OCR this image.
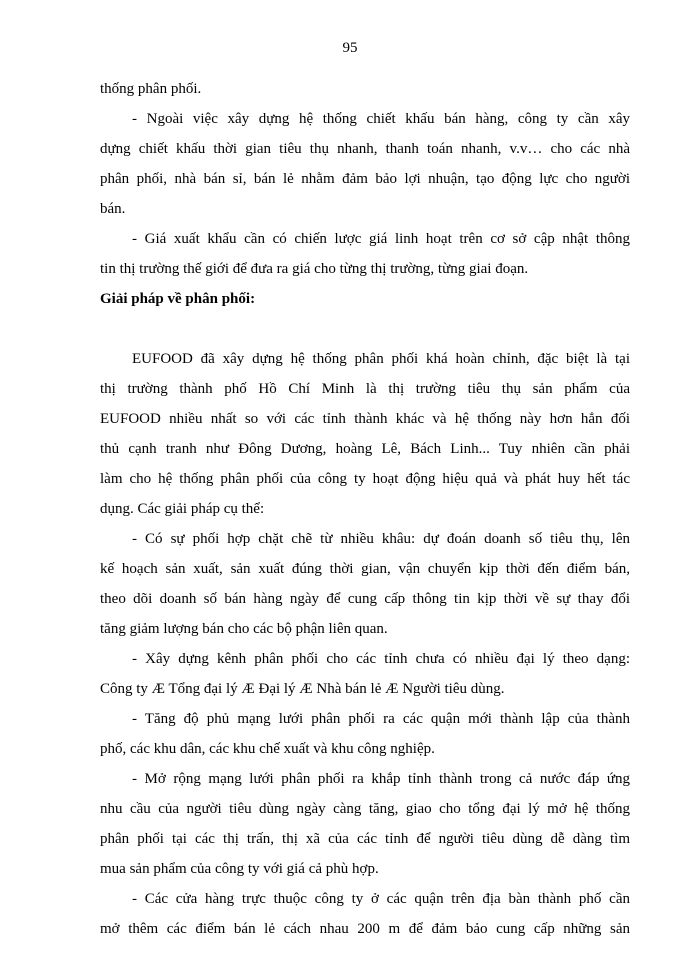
95
thống phân phối.
- Ngoài việc xây dựng hệ thống chiết khấu bán hàng, công ty cần xây
dựng chiết khấu thời gian tiêu thụ nhanh, thanh toán nhanh, v.v… cho các nhà
phân phối, nhà bán sỉ, bán lẻ nhằm đảm bảo lợi nhuận, tạo động lực cho người
bán.
- Giá xuất khẩu cần có chiến lược giá linh hoạt trên cơ sở cập nhật thông
tin thị trường thế giới để đưa ra giá cho từng thị trường, từng giai đoạn.
Giải pháp về phân phối:
EUFOOD đã xây dựng hệ thống phân phối khá hoàn chỉnh, đặc biệt là tại
thị trường thành phố Hồ Chí Minh là thị trường tiêu thụ sản phẩm của
EUFOOD nhiều nhất so với các tỉnh thành khác và hệ thống này hơn hẳn đối
thủ cạnh tranh như Đông Dương, hoàng Lê, Bách Linh... Tuy nhiên cần phải
làm cho hệ thống phân phối của công ty hoạt động hiệu quả và phát huy hết tác
dụng. Các giải pháp cụ thể:
- Có sự phối hợp chặt chẽ từ nhiều khâu: dự đoán doanh số tiêu thụ, lên
kế hoạch sản xuất, sản xuất đúng thời gian, vận chuyển kịp thời đến điểm bán,
theo dõi doanh số bán hàng ngày để cung cấp thông tin kịp thời về sự thay đổi
tăng giảm lượng bán cho các bộ phận liên quan.
- Xây dựng kênh phân phối cho các tỉnh chưa có nhiều đại lý theo dạng:
Công ty Æ Tổng đại lý Æ Đại lý Æ Nhà bán lẻ Æ Người tiêu dùng.
- Tăng độ phủ mạng lưới phân phối ra các quận mới thành lập của thành
phố, các khu dân, các khu chế xuất và khu công nghiệp.
- Mở rộng mạng lưới phân phối ra khắp tỉnh thành trong cả nước đáp ứng
nhu cầu của người tiêu dùng ngày càng tăng, giao cho tổng đại lý mở hệ thống
phân phối tại các thị trấn, thị xã của các tỉnh để người tiêu dùng dễ dàng tìm
mua sản phẩm của công ty với giá cả phù hợp.
- Các cửa hàng trực thuộc công ty ở các quận trên địa bàn thành phố cần
mở thêm các điểm bán lẻ cách nhau 200 m để đảm bảo cung cấp những sản
